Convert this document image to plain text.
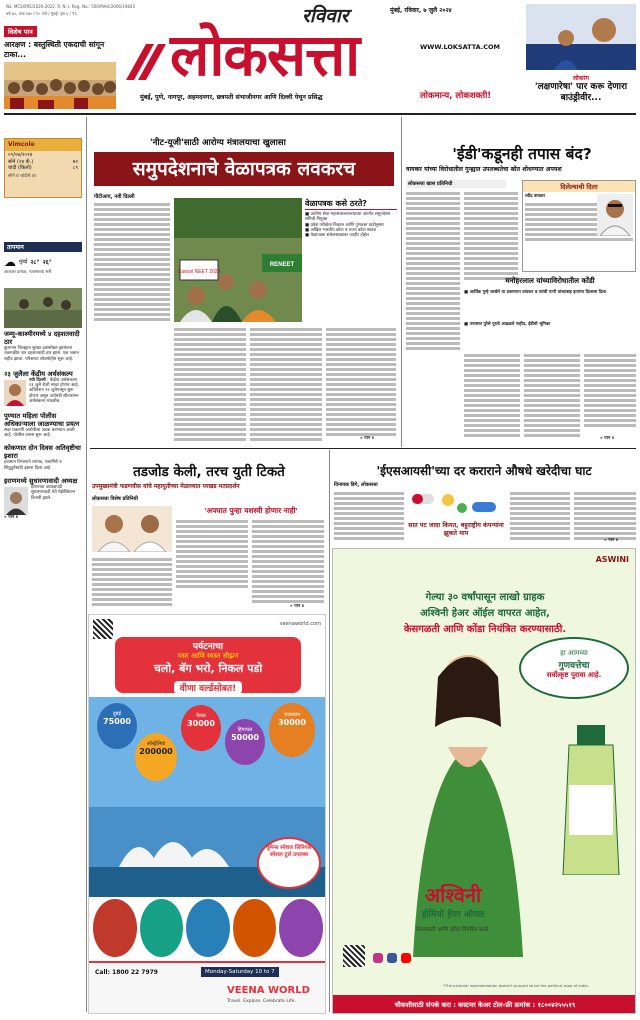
No. MCS/095/2020-2022. R. N. I. Reg. No.: 500/MAH/2006/19843
वर्ष ७५, अंक १७० / १० पाने / मुंबई: पृष्ठ ६ / ₹६
विशेष पान
आरक्षण : बस्तुस्थिती एकदाची सांगून टाका...
रविवार	मुंबई, रविवार, ७ जुलै २०२४
लोकसत्ता	WWW.LOKSATTA.COM
मुंबई, पुणे, नागपूर, अहमदनगर, छत्रपती संभाजीनगर आणि दिल्ली येथून प्रसिद्ध	लोकमान्य, लोकशक्ती!
लोकरंग
'लक्षणारेषा' पार करू देणारा बाउंड्रीवीर...
Vimcole
०९/०७/२०२४
सोने (२४ कॅ.)	७२
चांदी (किलो)	८९
सोने व चांदीचे दर
तापमान
☁ मुंबई २८° २६°
आकाश ढगाळ, पावसाच्या सरी
जम्मू-काश्मीरमध्ये ४ दहशतवादी ठार
कुलगाम जिल्ह्यात सुरक्षा दलांसोबत झालेल्या चकमकीत चार दहशतवादी ठार झाले. एक जवान शहीद झाला. परिसरात शोधमोहीम सुरू आहे.
२३ जुलैला केंद्रीय अर्थसंकल्प
नवी दिल्ली : केंद्रीय अर्थसंकल्प २३ जुलै रोजी सादर होणार आहे. अधिवेशन २२ जुलैपासून सुरू होणार असून अर्थमंत्री सीतारामन अर्थसंकल्प मांडतील.
पुण्यात महिला पोलीस अधिकाऱ्याला जाळण्याचा प्रयत्न
सदर प्रकरणी आरोपीला अटक करण्यात आली आहे. पोलीस तपास सुरू आहे.
कोकणात दोन दिवस अतिवृष्टीचा इशारा
हवामान विभागाने रायगड, रत्नागिरी व सिंधुदुर्गसाठी इशारा दिला आहे.
इराणमध्ये सुधारणावादी अध्यक्ष
इराणच्या अध्यक्षपदी सुधारणावादी नेते पेझेश्कियन विजयी झाले.
» पान ४
'नीट-यूजी'साठी आरोग्य मंत्रालयाचा खुलासा
समुपदेशनाचे वेळापत्रक लवकरच
पीटीआय, नवी दिल्ली
Cancel NEET 2024
RENEET
वेळापत्रक कसे ठरते?
■ आरोग्य सेवा महासंचालनालयाच्या अंतर्गत समुपदेशन समिती नियुक्त
■ प्रवेश परीक्षेचा निकाल आणि गुणवत्ता यादीनुसार
■ अखिल भारतीय कोटा व राज्य कोटा स्वतंत्र
■ वेळापत्रक संकेतस्थळावर जाहीर होईल
» पान ४
'ईडी'कडूनही तपास बंद?
वायकर यांच्या विरोधातील गुन्ह्यात उपलब्धतेचा स्रोत शोधण्यात अपयश
लोकसत्ता खास प्रतिनिधी	दिलेल्याची दिला
रवींद्र वायकर
मनोहरलाल यांच्याविरोधातील कोंडी
■ आर्थिक गुन्हे शाखेने या प्रकरणात वायकर व त्यांची पत्नी यांच्यासह इतरांना दिलासा दिला
■ तपासात पुरेसे पुरावे आढळले नाहीत, ईडीची भूमिका
» पान ४
तडजोड केली, तरच युती टिकते
उपमुख्यमंत्री फडणवीस यांचे महायुतीच्या मेळाव्यात परखड मतप्रदर्शन
लोकसत्ता विशेष प्रतिनिधी
'अपघात पुन्हा यशस्वी होणार नाही'
» पान ४
'ईएसआयसी'च्या दर कराराने औषधे खरेदीचा घाट
विनायक डिगे, लोकसत्ता
सात पट जादा किमत, बहुराष्ट्रीय कंपन्यांना झुकते माप
» पान ४
veenaworld.com
पर्यटनाचा
मस्त आणि स्वस्त सीझन
चलो, बॅग भरो, निकल पडो
वीणा वर्ल्डसोबत!
दुबई
75000
ऑस्ट्रेलिया
200000
केरळ
30000
हिमाचल
50000
राजस्थान
30000
वुमेन्स स्पेशल सिनियर्स स्पेशल टूर्स उपलब्ध
Call: 1800 22 7979	Monday-Saturday 10 to 7
VEENA WORLD
Travel. Explore. Celebrate Life.
ASWINI
गेल्या ३० वर्षांपासून लाखो ग्राहक
अश्विनी हेअर ऑईल वापरत आहेत,
केसगळती आणि कोंडा नियंत्रित करण्यासाठी.
हा आमच्या
गुणवत्तेचा
सर्वोत्कृष्ट पुरावा आहे.
अश्विनी
होमियो हेयर ऑयल
केसगळती आणि कोंडा नियंत्रित करते.
*The pictorial representation doesn't purport to be the political map of India.
चौकशीसाठी संपर्क करा : कस्टमर केअर टोल-फ्री क्रमांक : १८००४२५५५१९
